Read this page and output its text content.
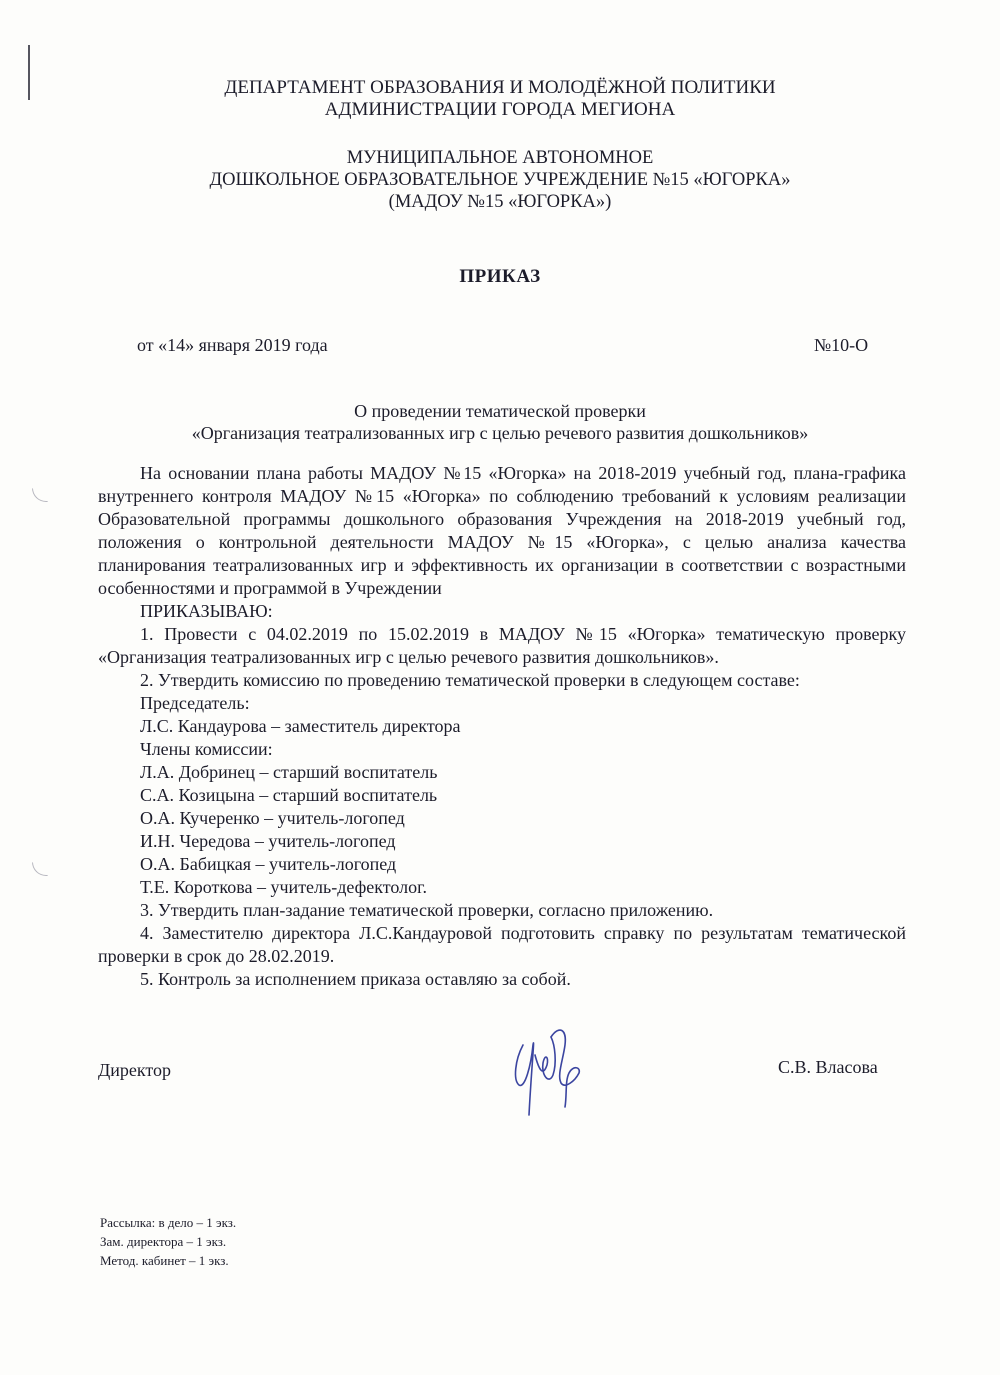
ДЕПАРТАМЕНТ ОБРАЗОВАНИЯ И МОЛОДЁЖНОЙ ПОЛИТИКИ
АДМИНИСТРАЦИИ ГОРОДА МЕГИОНА
МУНИЦИПАЛЬНОЕ АВТОНОМНОЕ
ДОШКОЛЬНОЕ ОБРАЗОВАТЕЛЬНОЕ УЧРЕЖДЕНИЕ №15 «ЮГОРКА»
(МАДОУ №15 «ЮГОРКА»)
ПРИКАЗ
от «14» января 2019 года	№10-О
О проведении тематической проверки
«Организация театрализованных игр с целью речевого развития дошкольников»

На основании плана работы МАДОУ №15 «Югорка» на 2018-2019 учебный год, плана-графика внутреннего контроля МАДОУ №15 «Югорка» по соблюдению требований к условиям реализации Образовательной программы дошкольного образования Учреждения на 2018-2019 учебный год, положения о контрольной деятельности МАДОУ №15 «Югорка», с целью анализа качества планирования театрализованных игр и эффективность их организации в соответствии с возрастными особенностями и программой в Учреждении

ПРИКАЗЫВАЮ:

1. Провести с 04.02.2019 по 15.02.2019 в МАДОУ №15 «Югорка» тематическую проверку «Организация театрализованных игр с целью речевого развития дошкольников».

2. Утвердить комиссию по проведению тематической проверки в следующем составе:
Председатель:
Л.С. Кандаурова – заместитель директора
Члены комиссии:
Л.А. Добринец – старший воспитатель
С.А. Козицына – старший воспитатель
О.А. Кучеренко – учитель-логопед
И.Н. Чередова – учитель-логопед
О.А. Бабицкая – учитель-логопед
Т.Е. Короткова – учитель-дефектолог.
3. Утвердить план-задание тематической проверки, согласно приложению.

4. Заместителю директора Л.С.Кандауровой подготовить справку по результатам тематической проверки в срок до 28.02.2019.

5. Контроль за исполнением приказа оставляю за собой.
Директор	С.В. Власова
Рассылка: в дело – 1 экз.
Зам. директора – 1 экз.
Метод. кабинет – 1 экз.
